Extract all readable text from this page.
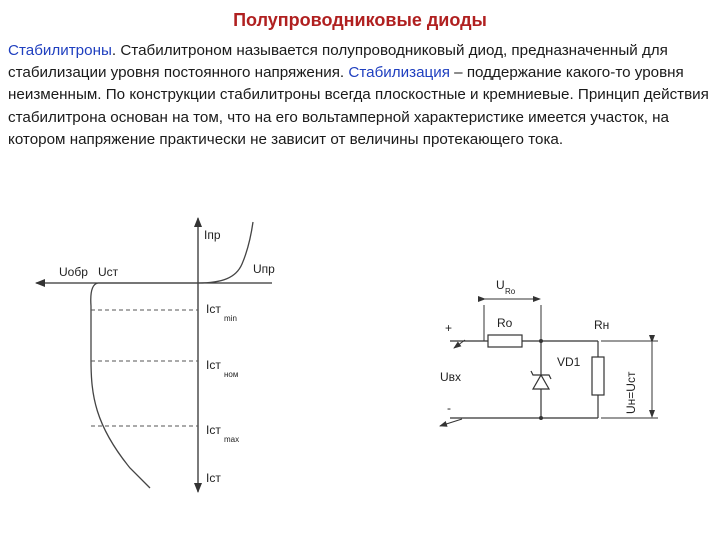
Полупроводниковые диоды
Стабилитроны. Стабилитроном называется полупроводниковый диод, предназначенный для стабилизации уровня постоянного напряжения. Стабилизация – поддержание какого-то уровня неизменным. По конструкции стабилитроны всегда плоскостные и кремниевые. Принцип действия стабилитрона основан на том, что на его вольтамперной характеристике имеется участок, на котором напряжение практически не зависит от величины протекающего тока.
Iпр
Uпр
Uобр Uст
Iст
min
Iст
ном
Iст
max
Iст
U Ro
Ro
+
-
Uвх
VD1
Rн
Uн=Uст
